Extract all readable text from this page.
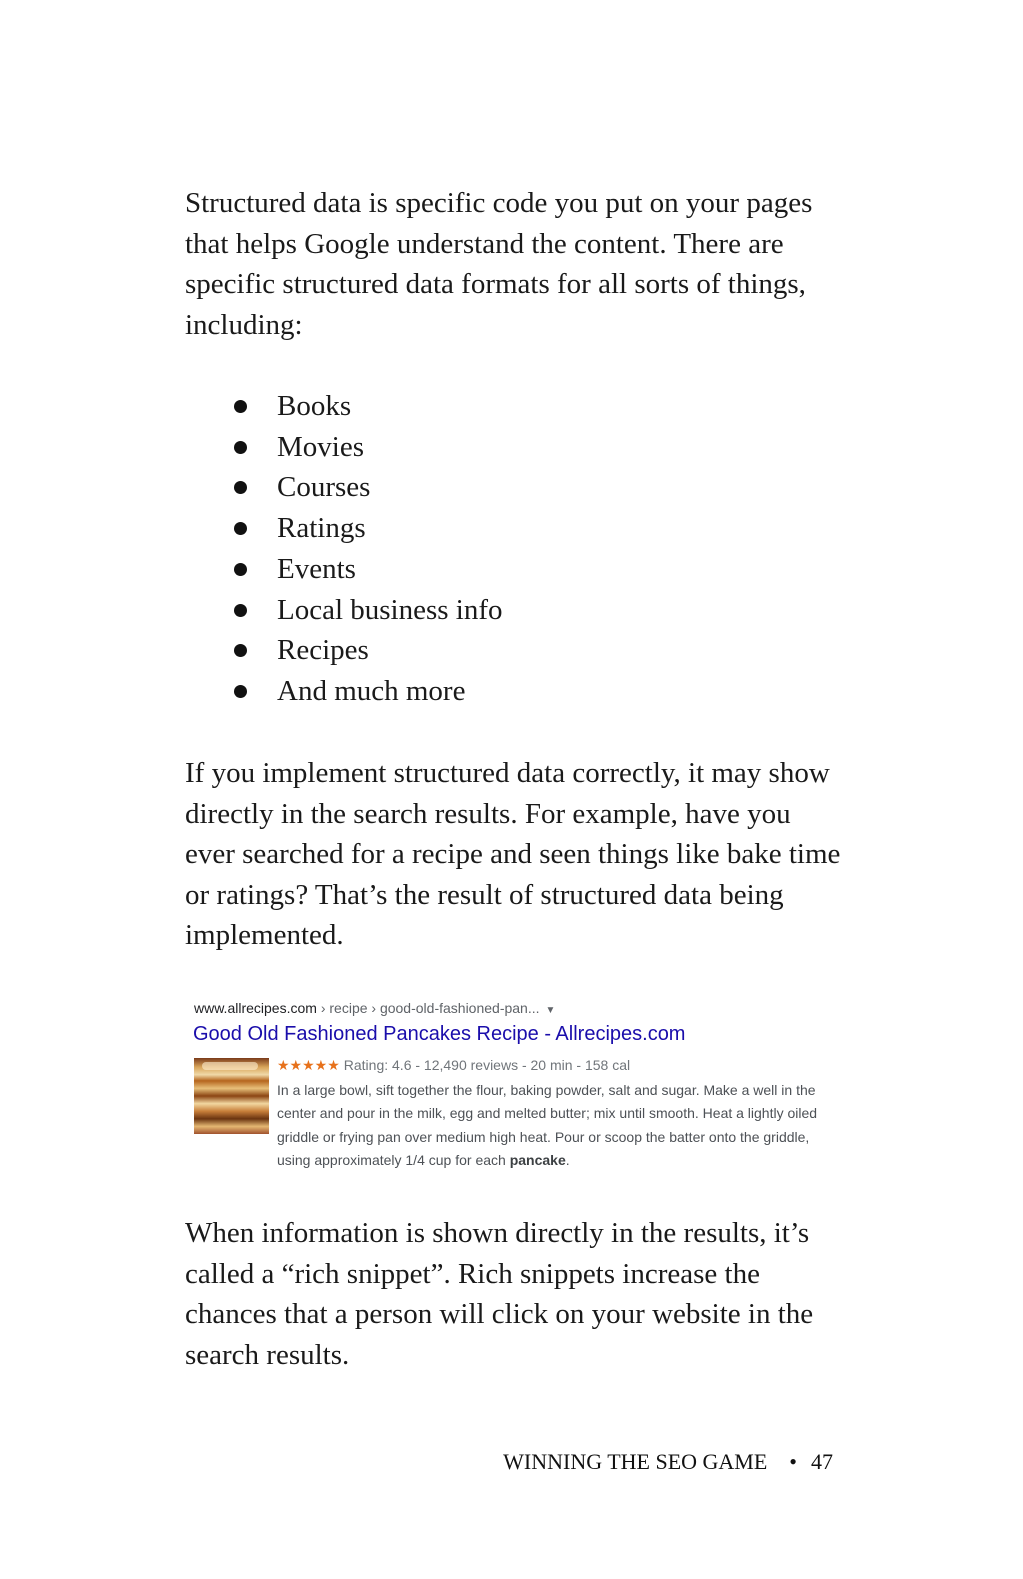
Structured data is specific code you put on your pages that helps Google understand the content. There are specific structured data formats for all sorts of things, including:

Books
Movies
Courses
Ratings
Events
Local business info
Recipes
And much more

If you implement structured data correctly, it may show directly in the search results. For example, have you ever searched for a recipe and seen things like bake time or ratings? That’s the result of structured data being implemented.

www.allrecipes.com › recipe › good-old-fashioned-pan... ▼
Good Old Fashioned Pancakes Recipe - Allrecipes.com
★★★★★ Rating: 4.6 - 12,490 reviews - 20 min - 158 cal
In a large bowl, sift together the flour, baking powder, salt and sugar. Make a well in the center and pour in the milk, egg and melted butter; mix until smooth. Heat a lightly oiled griddle or frying pan over medium high heat. Pour or scoop the batter onto the griddle, using approximately 1/4 cup for each pancake.

When information is shown directly in the results, it’s called a “rich snippet”. Rich snippets increase the chances that a person will click on your website in the search results.

WINNING THE SEO GAME • 47
